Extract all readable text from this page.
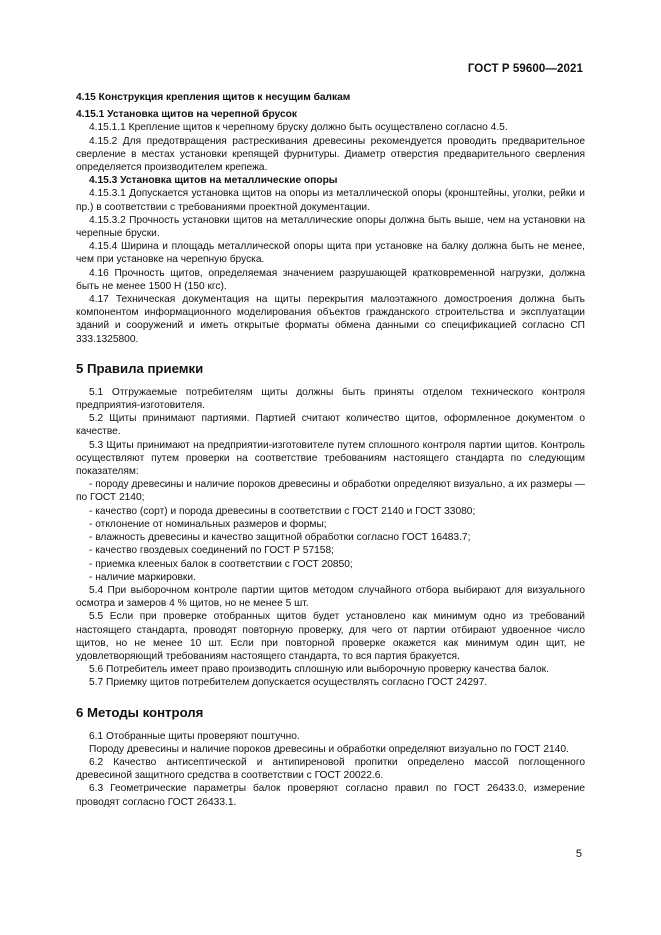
ГОСТ Р 59600—2021

4.15 Конструкция крепления щитов к несущим балкам

4.15.1 Установка щитов на черепной брусок

4.15.1.1 Крепление щитов к черепному бруску должно быть осуществлено согласно 4.5.

4.15.2 Для предотвращения растрескивания древесины рекомендуется проводить предварительное сверление в местах установки крепящей фурнитуры. Диаметр отверстия предварительного сверления определяется производителем крепежа.

4.15.3 Установка щитов на металлические опоры

4.15.3.1 Допускается установка щитов на опоры из металлической опоры (кронштейны, уголки, рейки и пр.) в соответствии с требованиями проектной документации.

4.15.3.2 Прочность установки щитов на металлические опоры должна быть выше, чем на установки на черепные бруски.

4.15.4 Ширина и площадь металлической опоры щита при установке на балку должна быть не менее, чем при установке на черепную бруска.

4.16 Прочность щитов, определяемая значением разрушающей кратковременной нагрузки, должна быть не менее 1500 Н (150 кгс).

4.17 Техническая документация на щиты перекрытия малоэтажного домостроения должна быть компонентом информационного моделирования объектов гражданского строительства и эксплуатации зданий и сооружений и иметь открытые форматы обмена данными со спецификацией согласно СП 333.1325800.

5 Правила приемки

5.1 Отгружаемые потребителям щиты должны быть приняты отделом технического контроля предприятия-изготовителя.

5.2 Щиты принимают партиями. Партией считают количество щитов, оформленное документом о качестве.

5.3 Щиты принимают на предприятии-изготовителе путем сплошного контроля партии щитов. Контроль осуществляют путем проверки на соответствие требованиям настоящего стандарта по следующим показателям:

- породу древесины и наличие пороков древесины и обработки определяют визуально, а их размеры — по ГОСТ 2140;

- качество (сорт) и порода древесины в соответствии с ГОСТ 2140 и ГОСТ 33080;

- отклонение от номинальных размеров и формы;

- влажность древесины и качество защитной обработки согласно ГОСТ 16483.7;

- качество гвоздевых соединений по ГОСТ Р 57158;

- приемка клееных балок в соответствии с ГОСТ 20850;

- наличие маркировки.

5.4 При выборочном контроле партии щитов методом случайного отбора выбирают для визуального осмотра и замеров 4 % щитов, но не менее 5 шт.

5.5 Если при проверке отобранных щитов будет установлено как минимум одно из требований настоящего стандарта, проводят повторную проверку, для чего от партии отбирают удвоенное число щитов, но не менее 10 шт. Если при повторной проверке окажется как минимум один щит, не удовлетворяющий требованиям настоящего стандарта, то вся партия бракуется.

5.6 Потребитель имеет право производить сплошную или выборочную проверку качества балок.

5.7 Приемку щитов потребителем допускается осуществлять согласно ГОСТ 24297.

6 Методы контроля

6.1 Отобранные щиты проверяют поштучно.

Породу древесины и наличие пороков древесины и обработки определяют визуально по ГОСТ 2140.

6.2 Качество антисептической и антипиреновой пропитки определено массой поглощенного древесиной защитного средства в соответствии с ГОСТ 20022.6.

6.3 Геометрические параметры балок проверяют согласно правил по ГОСТ 26433.0, измерение проводят согласно ГОСТ 26433.1.

5
